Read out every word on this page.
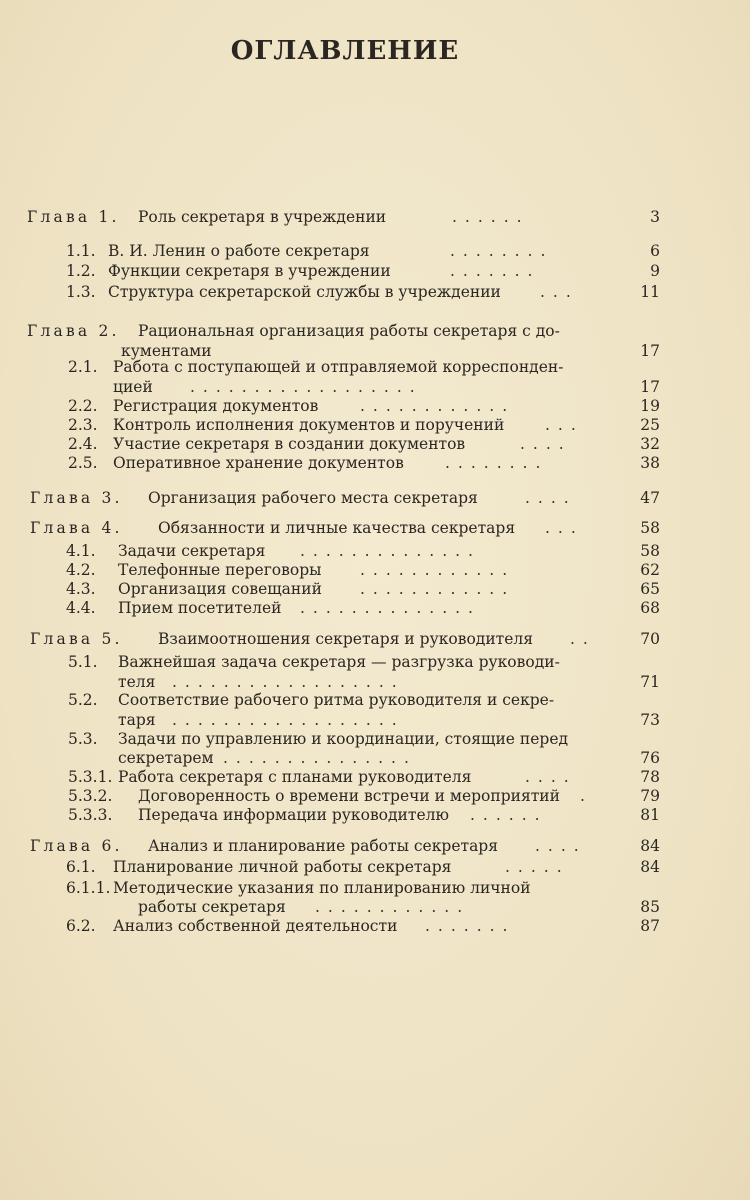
ОГЛАВЛЕНИЕ
Глава 1. Роль секретаря в учреждении	......	3
1.1. В. И. Ленин о работе секретаря	........	6
1.2. Функции секретаря в учреждении	.......	9
1.3. Структура секретарской службы в учреждении	...	11
Глава 2. Рациональная организация работы секретаря с до-
кументами	17
2.1. Работа с поступающей и отправляемой корреспонден-
цией ..................	17
2.2. Регистрация документов	............	19
2.3. Контроль исполнения документов и поручений	...	25
2.4. Участие секретаря в создании документов	....	32
2.5. Оперативное хранение документов	........	38
Глава 3. Организация рабочего места секретаря	....	47
Глава 4. Обязанности и личные качества секретаря ...	58
4.1. Задачи секретаря ..............	58
4.2. Телефонные переговоры ............	62
4.3. Организация совещаний ............	65
4.4. Прием посетителей ..............	68
Глава 5. Взаимоотношения секретаря и руководителя ..	70
5.1. Важнейшая задача секретаря — разгрузка руководи-
теля ..................	71
5.2. Соответствие рабочего ритма руководителя и секре-
таря ..................	73
5.3. Задачи по управлению и координации, стоящие перед
секретарем ...............	76
5.3.1. Работа секретаря с планами руководителя	....	78
5.3.2. Договоренность о времени встречи и мероприятий .	79
5.3.3. Передача информации руководителю ......	81
Глава 6. Анализ и планирование работы секретаря ....	84
6.1. Планирование личной работы секретаря	.....	84
6.1.1. Методические указания по планированию личной
работы секретаря ............	85
6.2. Анализ собственной деятельности .......	87
